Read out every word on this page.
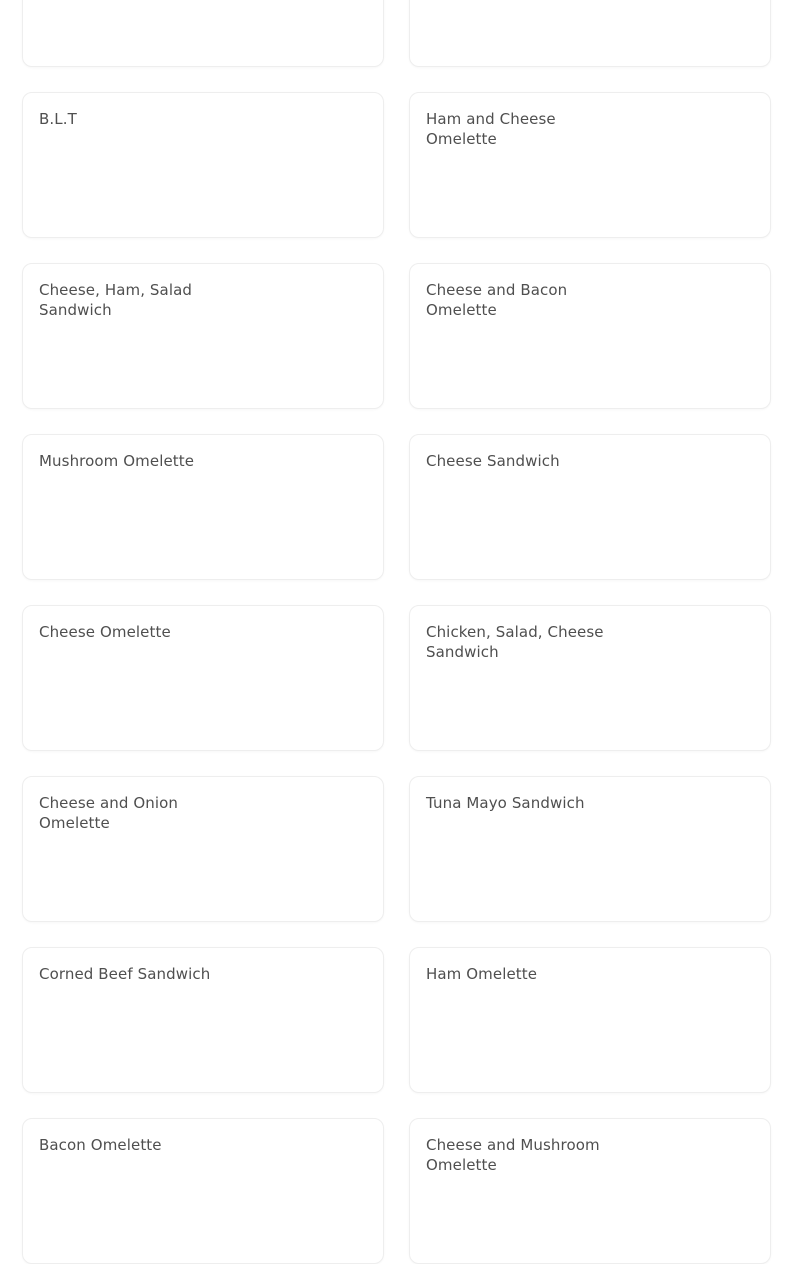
B.L.T	Ham and Cheese Omelette
Cheese, Ham, Salad Sandwich
Cheese and Bacon Omelette
Mushroom Omelette	Cheese Sandwich
Cheese Omelette	Chicken, Salad, Cheese Sandwich
Cheese and Onion Omelette
Tuna Mayo Sandwich
Corned Beef Sandwich	Ham Omelette
Bacon Omelette	Cheese and Mushroom Omelette
